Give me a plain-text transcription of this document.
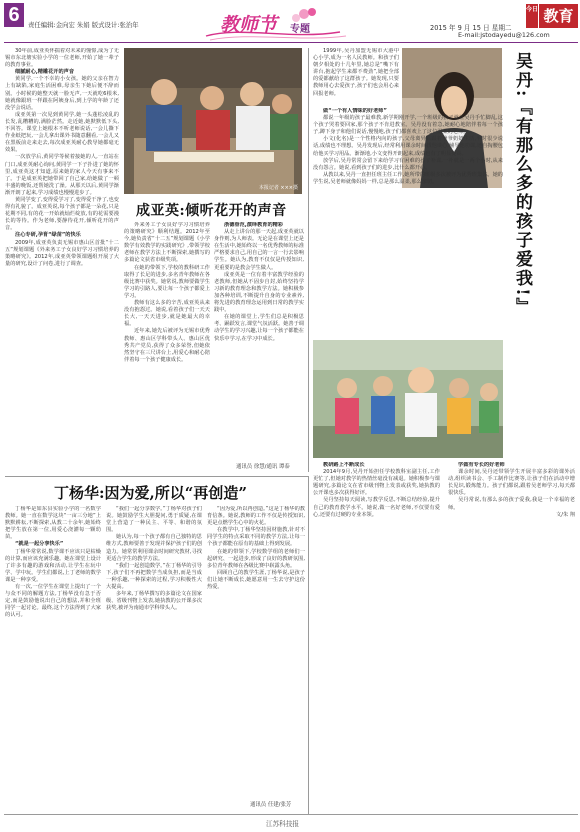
6	责任编辑:金向宏 朱娟 版式设计:张治年	教师节 专题	2015 年 9 月 15 日 星期二
今日 教育
E-mail:jstodayedu@126.com

30年前,成亚英怀揣着对未来的憧憬,成为了无锡市东北塘实验小学的一位老师,开始了她一辈子的教育事业。

细腻耐心,精雕花开的声音

黄同学,一个不幸的小女孩。她的父亲在智力上有缺陷,家庭生活困难,母亲生下她后便不辞而别。小时候的她整天就一脸无声,一天就吃6根米,她就像跟班一样跟在阿姨身后,到上学的年龄了还没学会说话。

成亚英第一次见到黄同学,她一头蓬松凌乱的长发,乱糟糟的,满脸茫然。走近她,她默默低下头,不回答。课堂上她根本不听老师说话,一会儿撕下作业纸把玩,一会儿拿出课外书随意翻看,一会儿又在黑板前走来走去,每次成亚英耐心教导她都毫无效果。

一次放学后,黄同学等候着接她的人,一直站在门口,成亚英耐心询问,黄同学一下子扑进了她的怀里,成亚英这才知道,原来她的家人今天有事来不了。于是成亚英把她带回了自己家,给她做了一顿丰盛的晚饭,还帮她洗了澡。从那天以后,黄同学渐渐开朗了起来,学习成绩也慢慢进步了。

黄同学变了,变得爱学习了,变得爱干净了,也变得有礼貌了。成亚英说,每个孩子都是一朵花,只是花期不同,有的花一开始就灿烂绽放,有的花需要漫长的等待。作为老师,要静待花开,倾听花开的声音。

注心专研,孕育“绿苗”的快乐

2009年,成亚英负责无锡市惠山区首批“十二五”规划课题《外来务工子女良好学习习惯培养的策略研究》。2012年,成亚英带领课题组开展了大量的研究,设计了问卷,进行了调查。

本报记者 ×××摄
成亚英:倾听花开的声音

外来务工子女良好学习习惯培养的策略研究》顺利结题。2012年至今,她负责省“十二五”规划课题《小学数学有效教学的实践研究》,带领学校老师在教学方法上不断探索,她撰写的多篇论文获省市级奖项。

在她的带领下,学校的教科研工作取得了长足的进步,多名青年教师在各级比赛中获奖。她常说,教师要做学生学习的引路人,要让每一个孩子都爱上学习。

教师有这么多的辛苦,成亚英从来没有抱怨过。她说,看着孩子们一天天长大,一天天进步,就是她最大的幸福。

近年来,她先后被评为无锡市优秀教师、惠山区学科带头人、惠山区优秀共产党员,获得了众多荣誉,但她依然坚守在三尺讲台上,用爱心和耐心陪伴着每一个孩子健康成长。

浙德垂范,演绎教育的精彩

从走上讲台的那一天起,成亚英就以身作则,为人师表。无论是在课堂上还是在生活中,她始终以一名优秀教师的标准严格要求自己,用自己的一言一行去影响学生。她认为,教育不仅仅是传授知识,更重要的是教会学生做人。

成亚英是一位有着丰富教学经验的老教师,但她从不固步自封,始终坚持学习新的教育理念和教学方法。她积极参加各种培训,不断提升自身的专业素养,将先进的教育理念运用到日常的教学实践中。

在她的课堂上,学生们总是积极思考、踊跃发言,课堂气氛活跃。她善于调动学生的学习兴趣,让每一个孩子都能在快乐中学习,在学习中成长。

通讯员 徐慧/通讯 谭泰

1999年,吴丹加盟无锡市大港中心小学,成为一名人民教师。和孩子们朝夕相处的十几年里,她总是“嘴下有讲台,抱起学生来都不费劲”,她把全部的爱都献给了这群孩子。她发现,只要教师用心去爱孩子,孩子们也会用心来回报老师。	吴丹:『有那么多的孩子爱我!』

做“一个有人情味的好老师”

都说一年级的孩子最难教,新学期刚开学,一个班级的孩子就让吴丹手忙脚乱,这个孩子哭着要回家,那个孩子不肯进教室。吴丹没有着急,她耐心地陪伴着每一个孩子,蹲下身子和他们说话,慢慢地,孩子们都喜欢上了这位温柔的老师。

小文(化名)是一个性格内向的孩子,父母离异后跟着爷爷奶奶生活,平时很少说话,成绩也不理想。吴丹发现后,经常利用课余时间找他谈心,辅导他功课,还自掏腰包给他买学习用品。渐渐地,小文变得开朗起来,成绩也有了明显提高。

放学后,吴丹常常会留下来给学习有困难的孩子补课,一补就是一两个小时,从来没有怨言。她说,看到孩子们的进步,比什么都开心。

从教以来,吴丹一直担任班主任工作,她所带的班级多次被评为优秀班集体。她的学生说,吴老师就像妈妈一样,总是那么温柔,那么亲切。

丁杨华:因为爱,所以“再创造”

丁杨华是如东县实验小学的一名数学教师。她一直在数学这块“一亩三分地”上默默耕耘,不断探索,从教二十余年,她始终把学生放在第一位,用爱心浇灌每一颗幼苗。

“就是一起分享快乐”

丁杨华常常说,数学课不应该只是枯燥的计算,而应该充满乐趣。她在课堂上设计了许多有趣的游戏和活动,让学生在玩中学、学中玩。学生们都说,上丁老师的数学课是一种享受。

有一次,一位学生在课堂上提出了一个与众不同的解题方法,丁杨华没有急于否定,而是鼓励他说出自己的想法,并和全班同学一起讨论。最终,这个方法得到了大家的认可。

“我们一起分享数学。”丁杨华对孩子们说。她鼓励学生大胆提问,勇于质疑,在课堂上营造了一种民主、平等、和谐的氛围。

她认为,每一个孩子都有自己独特的思维方式,教师要善于发现并保护孩子们的创造力。她常常利用课余时间研究教材,寻找更适合学生的教学方法。

“我们一起创造数学。”在丁杨华的引导下,孩子们不再把数学当成负担,而是当成一种乐趣,一种探索的过程,学习积极性大大提高。

多年来,丁杨华撰写的多篇论文在国家级、省级刊物上发表,她执教的公开课多次获奖,被评为南通市学科带头人。

“因为爱,所以再创造。”这是丁杨华的教育信条。她说,教师的工作不仅是传授知识,更是点燃学生心中的火花。

在教学中,丁杨华坚持因材施教,针对不同学生的特点采取不同的教学方法,让每一个孩子都能在原有的基础上得到发展。

在她的带领下,学校数学组的老师们一起研究、一起进步,形成了良好的教研氛围,多位青年教师在各级比赛中崭露头角。

回顾自己的教学生涯,丁杨华说,是孩子们让她不断成长,她愿意用一生去守护这份热爱。

通讯员 任建/张芳

教研路上不断成长

2014年9月,吴丹开始担任学校教科室副主任,工作更忙了,但她对教学的热情丝毫没有减退。她积极参与课题研究,多篇论文在省市级刊物上发表或获奖,她执教的公开课也多次获得好评。

吴丹坚持每天阅读,写教学反思,不断总结经验,提升自己的教育教学水平。她说,做一名好老师,不仅要有爱心,还要有过硬的专业本领。

学做有专长的好老师

课余时间,吴丹还带领学生开展丰富多彩的课外活动,组织读书会、手工制作比赛等,让孩子们在活动中增长见识,锻炼能力。孩子们都说,跟着吴老师学习,每天都很快乐。

吴丹常说,有那么多的孩子爱我,我是一个幸福的老师。

文/朱 翔

江苏科技报
